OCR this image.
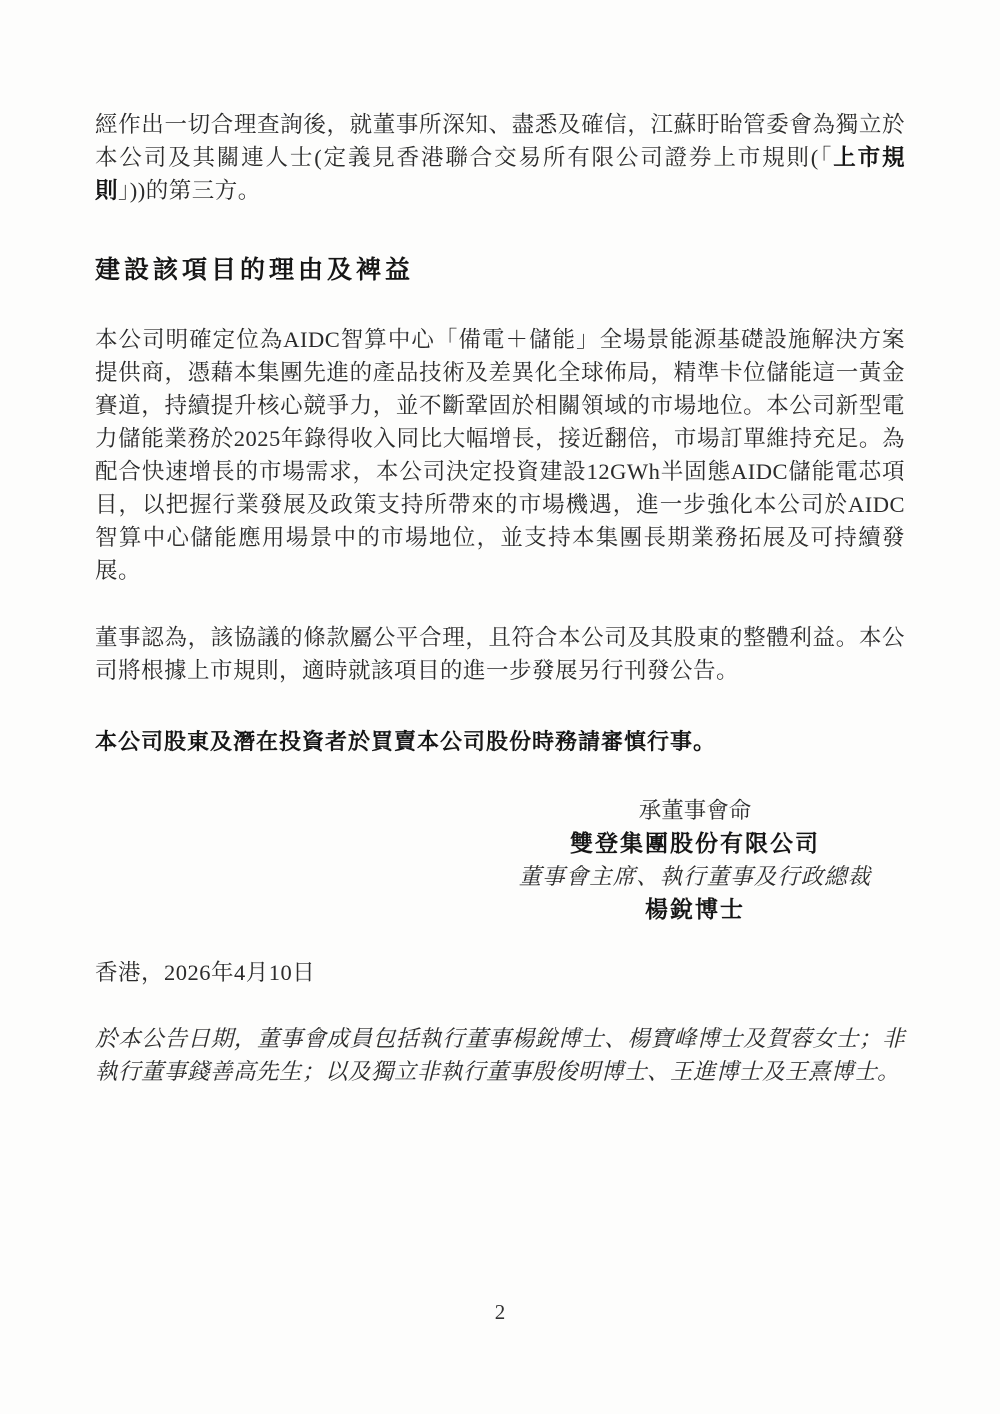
經作出一切合理查詢後，就董事所深知、盡悉及確信，江蘇盱眙管委會為獨立於本公司及其關連人士(定義見香港聯合交易所有限公司證券上市規則(「上市規則」))的第三方。

建設該項目的理由及裨益

本公司明確定位為AIDC智算中心「備電＋儲能」全場景能源基礎設施解決方案提供商，憑藉本集團先進的產品技術及差異化全球佈局，精準卡位儲能這一黃金賽道，持續提升核心競爭力，並不斷鞏固於相關領域的市場地位。本公司新型電力儲能業務於2025年錄得收入同比大幅增長，接近翻倍，市場訂單維持充足。為配合快速增長的市場需求，本公司決定投資建設12GWh半固態AIDC儲能電芯項目，以把握行業發展及政策支持所帶來的市場機遇，進一步強化本公司於AIDC智算中心儲能應用場景中的市場地位，並支持本集團長期業務拓展及可持續發展。

董事認為，該協議的條款屬公平合理，且符合本公司及其股東的整體利益。本公司將根據上市規則，適時就該項目的進一步發展另行刊發公告。

本公司股東及潛在投資者於買賣本公司股份時務請審慎行事。

承董事會命
雙登集團股份有限公司
董事會主席、執行董事及行政總裁
楊銳博士

香港，2026年4月10日

於本公告日期，董事會成員包括執行董事楊銳博士、楊寶峰博士及賀蓉女士；非執行董事錢善高先生；以及獨立非執行董事殷俊明博士、王進博士及王熹博士。

2
